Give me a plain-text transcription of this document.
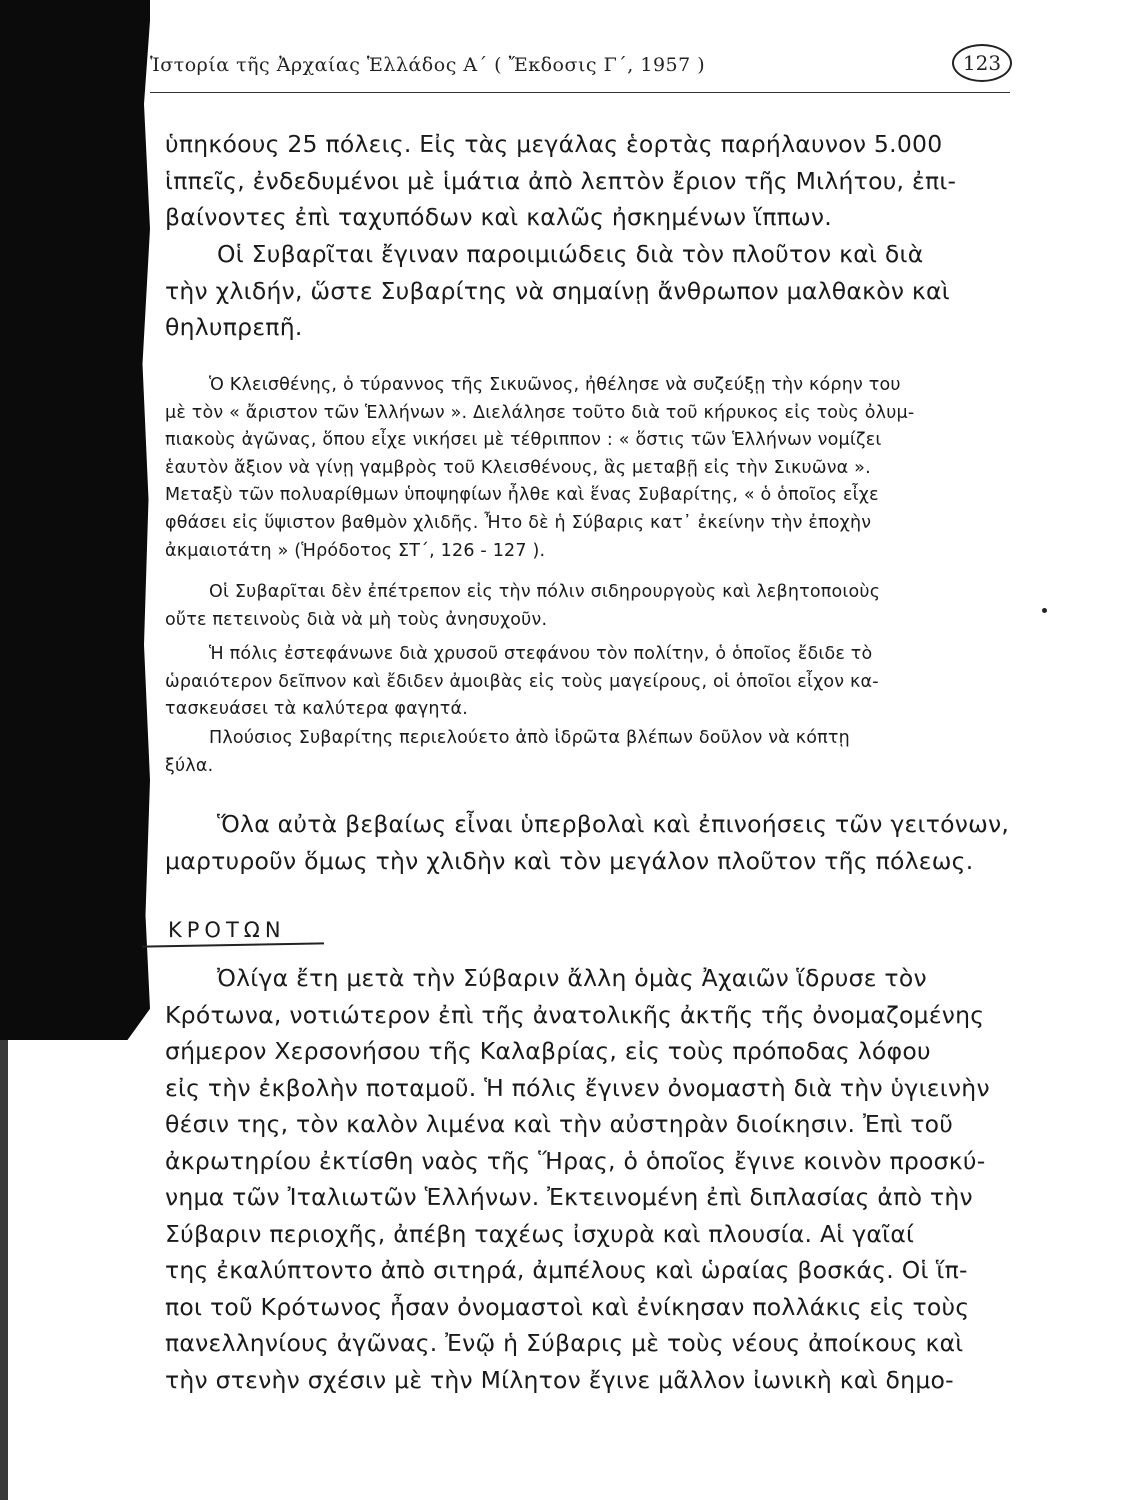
Ἱστορία τῆς Ἀρχαίας Ἑλλάδος Α΄ ( Ἔκδοσις Γ΄, 1957 )	123
ὑπηκόους 25 πόλεις. Εἰς τὰς μεγάλας ἑορτὰς παρήλαυνον 5.000
ἱππεῖς, ἐνδεδυμένοι μὲ ἱμάτια ἀπὸ λεπτὸν ἔριον τῆς Μιλήτου, ἐπι-
βαίνοντες ἐπὶ ταχυπόδων καὶ καλῶς ἠσκημένων ἵππων.
Οἱ Συβαρῖται ἔγιναν παροιμιώδεις διὰ τὸν πλοῦτον καὶ διὰ
τὴν χλιδήν, ὥστε Συβαρίτης νὰ σημαίνῃ ἄνθρωπον μαλθακὸν καὶ
θηλυπρεπῆ.
Ὁ Κλεισθένης, ὁ τύραννος τῆς Σικυῶνος, ἠθέλησε νὰ συζεύξῃ τὴν κόρην του
μὲ τὸν « ἄριστον τῶν Ἑλλήνων ». Διελάλησε τοῦτο διὰ τοῦ κήρυκος εἰς τοὺς ὀλυμ-
πιακοὺς ἀγῶνας, ὅπου εἶχε νικήσει μὲ τέθριππον : « ὅστις τῶν Ἑλλήνων νομίζει
ἑαυτὸν ἄξιον νὰ γίνῃ γαμβρὸς τοῦ Κλεισθένους, ἃς μεταβῇ εἰς τὴν Σικυῶνα ».
Μεταξὺ τῶν πολυαρίθμων ὑποψηφίων ἦλθε καὶ ἕνας Συβαρίτης, « ὁ ὁποῖος εἶχε
φθάσει εἰς ὕψιστον βαθμὸν χλιδῆς. Ἦτο δὲ ἡ Σύβαρις κατ᾽ ἐκείνην τὴν ἐποχὴν
ἀκμαιοτάτη » (Ἡρόδοτος ΣΤ΄, 126 - 127 ).
Οἱ Συβαρῖται δὲν ἐπέτρεπον εἰς τὴν πόλιν σιδηρουργοὺς καὶ λεβητοποιοὺς
οὔτε πετεινοὺς διὰ νὰ μὴ τοὺς ἀνησυχοῦν.
Ἡ πόλις ἐστεφάνωνε διὰ χρυσοῦ στεφάνου τὸν πολίτην, ὁ ὁποῖος ἔδιδε τὸ
ὡραιότερον δεῖπνον καὶ ἔδιδεν ἀμοιβὰς εἰς τοὺς μαγείρους, οἱ ὁποῖοι εἶχον κα-
τασκευάσει τὰ καλύτερα φαγητά.
Πλούσιος Συβαρίτης περιελούετο ἀπὸ ἱδρῶτα βλέπων δοῦλον νὰ κόπτῃ
ξύλα.
Ὅλα αὐτὰ βεβαίως εἶναι ὑπερβολαὶ καὶ ἐπινοήσεις τῶν γειτόνων,
μαρτυροῦν ὅμως τὴν χλιδὴν καὶ τὸν μεγάλον πλοῦτον τῆς πόλεως.
ΚΡΟΤΩΝ
Ὀλίγα ἔτη μετὰ τὴν Σύβαριν ἄλλη ὁμὰς Ἀχαιῶν ἵδρυσε τὸν
Κρότωνα, νοτιώτερον ἐπὶ τῆς ἀνατολικῆς ἀκτῆς τῆς ὀνομαζομένης
σήμερον Χερσονήσου τῆς Καλαβρίας, εἰς τοὺς πρόποδας λόφου
εἰς τὴν ἐκβολὴν ποταμοῦ. Ἡ πόλις ἔγινεν ὀνομαστὴ διὰ τὴν ὑγιεινὴν
θέσιν της, τὸν καλὸν λιμένα καὶ τὴν αὐστηρὰν διοίκησιν. Ἐπὶ τοῦ
ἀκρωτηρίου ἐκτίσθη ναὸς τῆς Ἥρας, ὁ ὁποῖος ἔγινε κοινὸν προσκύ-
νημα τῶν Ἰταλιωτῶν Ἑλλήνων. Ἐκτεινομένη ἐπὶ διπλασίας ἀπὸ τὴν
Σύβαριν περιοχῆς, ἀπέβη ταχέως ἰσχυρὰ καὶ πλουσία. Αἱ γαῖαί
της ἐκαλύπτοντο ἀπὸ σιτηρά, ἀμπέλους καὶ ὡραίας βοσκάς. Οἱ ἵπ-
ποι τοῦ Κρότωνος ἦσαν ὀνομαστοὶ καὶ ἐνίκησαν πολλάκις εἰς τοὺς
πανελληνίους ἀγῶνας. Ἐνῷ ἡ Σύβαρις μὲ τοὺς νέους ἀποίκους καὶ
τὴν στενὴν σχέσιν μὲ τὴν Μίλητον ἔγινε μᾶλλον ἰωνικὴ καὶ δημο-
